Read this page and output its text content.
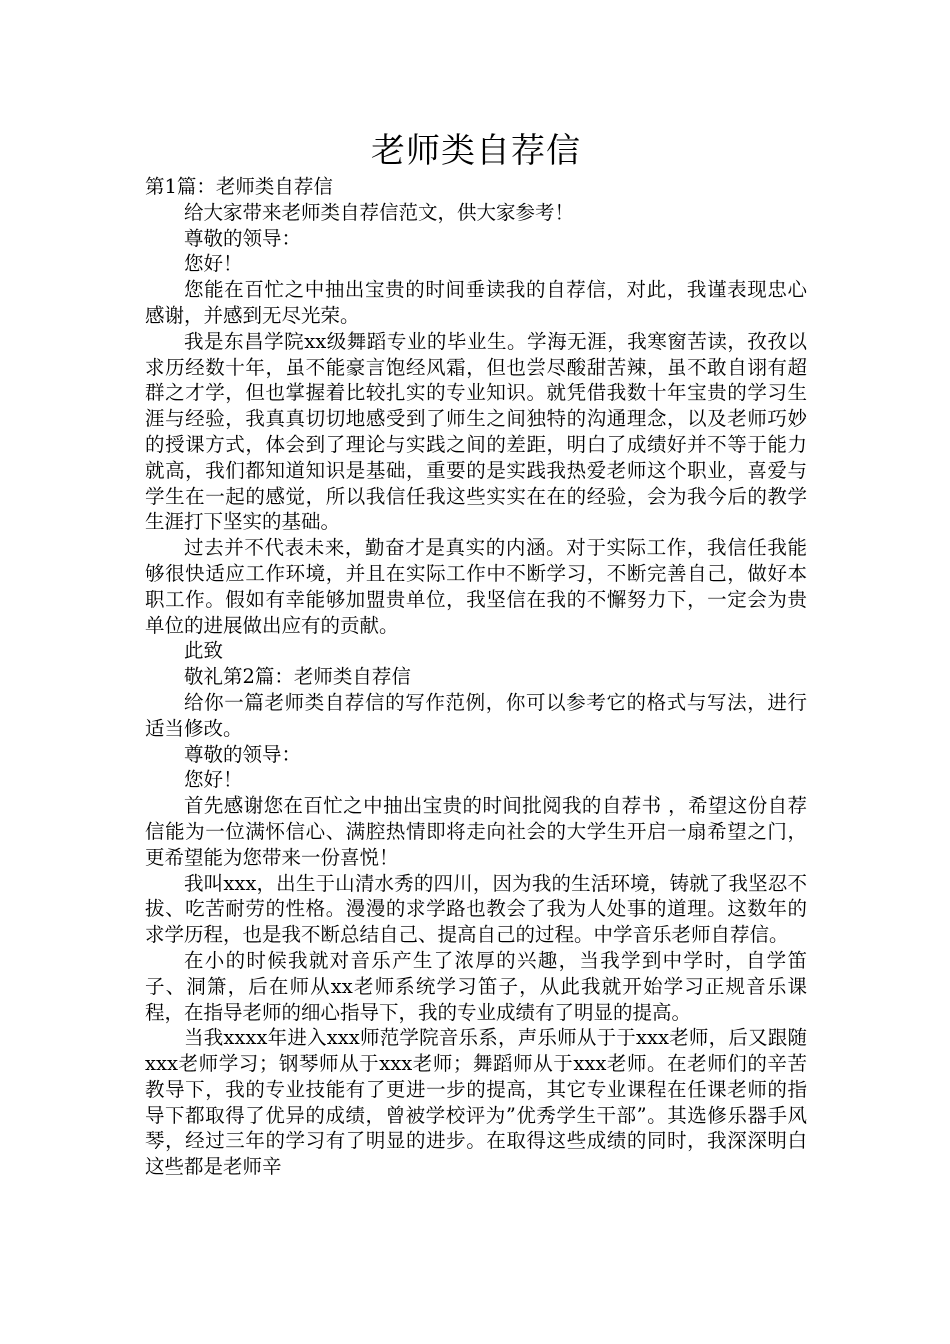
老师类自荐信

第1篇：老师类自荐信

给大家带来老师类自荐信范文，供大家参考！

尊敬的领导：

您好！

您能在百忙之中抽出宝贵的时间垂读我的自荐信，对此，我谨表现忠心感谢，并感到无尽光荣。

我是东昌学院xx级舞蹈专业的毕业生。学海无涯，我寒窗苦读，孜孜以求历经数十年，虽不能豪言饱经风霜，但也尝尽酸甜苦辣，虽不敢自诩有超群之才学，但也掌握着比较扎实的专业知识。就凭借我数十年宝贵的学习生涯与经验，我真真切切地感受到了师生之间独特的沟通理念，以及老师巧妙的授课方式，体会到了理论与实践之间的差距，明白了成绩好并不等于能力就高，我们都知道知识是基础，重要的是实践我热爱老师这个职业，喜爱与学生在一起的感觉，所以我信任我这些实实在在的经验，会为我今后的教学生涯打下坚实的基础。

过去并不代表未来，勤奋才是真实的内涵。对于实际工作，我信任我能够很快适应工作环境，并且在实际工作中不断学习，不断完善自己，做好本职工作。假如有幸能够加盟贵单位，我坚信在我的不懈努力下，一定会为贵单位的进展做出应有的贡献。

此致

敬礼第2篇：老师类自荐信

给你一篇老师类自荐信的写作范例，你可以参考它的格式与写法，进行适当修改。

尊敬的领导：

您好！

首先感谢您在百忙之中抽出宝贵的时间批阅我的自荐书 ，希望这份自荐信能为一位满怀信心、满腔热情即将走向社会的大学生开启一扇希望之门，更希望能为您带来一份喜悦！

我叫xxx，出生于山清水秀的四川，因为我的生活环境，铸就了我坚忍不拔、吃苦耐劳的性格。漫漫的求学路也教会了我为人处事的道理。这数年的求学历程，也是我不断总结自己、提高自己的过程。中学音乐老师自荐信。

在小的时候我就对音乐产生了浓厚的兴趣，当我学到中学时，自学笛子、洞箫，后在师从xx老师系统学习笛子，从此我就开始学习正规音乐课程，在指导老师的细心指导下，我的专业成绩有了明显的提高。

当我xxxx年进入xxx师范学院音乐系，声乐师从于于xxx老师，后又跟随xxx老师学习；钢琴师从于xxx老师；舞蹈师从于xxx老师。在老师们的辛苦教导下，我的专业技能有了更进一步的提高，其它专业课程在任课老师的指导下都取得了优异的成绩，曾被学校评为”优秀学生干部”。其选修乐器手风琴，经过三年的学习有了明显的进步。在取得这些成绩的同时，我深深明白这些都是老师辛
